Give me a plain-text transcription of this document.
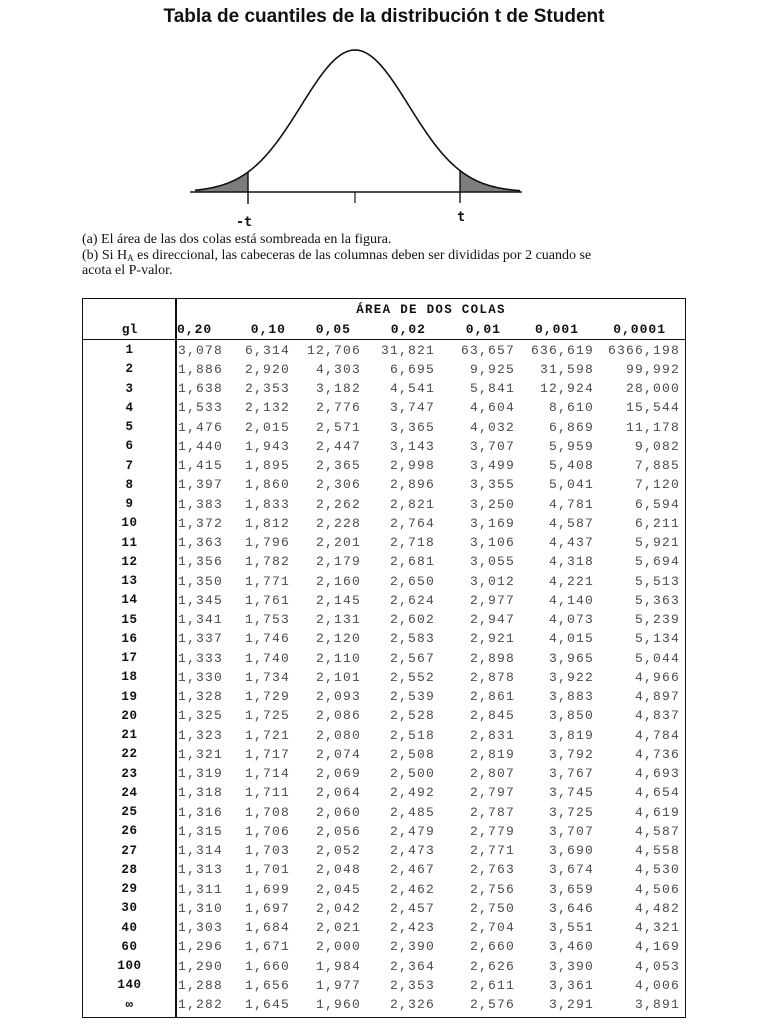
Tabla de cuantiles de la distribución t de Student
-t	t
(a) El área de las dos colas está sombreada en la figura.
(b) Si $H_A$ es direccional, las cabeceras de las columnas deben ser divididas por 2 cuando se
acota el P-valor.
ÁREA DE DOS COLAS
gl	0,20	0,10	0,05	0,02	0,01	0,001	0,0001
1	3,078	6,314	12,706	31,821	63,657	636,619	6366,198
2	1,886	2,920	4,303	6,695	9,925	31,598	99,992
3	1,638	2,353	3,182	4,541	5,841	12,924	28,000
4	1,533	2,132	2,776	3,747	4,604	8,610	15,544
5	1,476	2,015	2,571	3,365	4,032	6,869	11,178
6	1,440	1,943	2,447	3,143	3,707	5,959	9,082
7	1,415	1,895	2,365	2,998	3,499	5,408	7,885
8	1,397	1,860	2,306	2,896	3,355	5,041	7,120
9	1,383	1,833	2,262	2,821	3,250	4,781	6,594
10	1,372	1,812	2,228	2,764	3,169	4,587	6,211
11	1,363	1,796	2,201	2,718	3,106	4,437	5,921
12	1,356	1,782	2,179	2,681	3,055	4,318	5,694
13	1,350	1,771	2,160	2,650	3,012	4,221	5,513
14	1,345	1,761	2,145	2,624	2,977	4,140	5,363
15	1,341	1,753	2,131	2,602	2,947	4,073	5,239
16	1,337	1,746	2,120	2,583	2,921	4,015	5,134
17	1,333	1,740	2,110	2,567	2,898	3,965	5,044
18	1,330	1,734	2,101	2,552	2,878	3,922	4,966
19	1,328	1,729	2,093	2,539	2,861	3,883	4,897
20	1,325	1,725	2,086	2,528	2,845	3,850	4,837
21	1,323	1,721	2,080	2,518	2,831	3,819	4,784
22	1,321	1,717	2,074	2,508	2,819	3,792	4,736
23	1,319	1,714	2,069	2,500	2,807	3,767	4,693
24	1,318	1,711	2,064	2,492	2,797	3,745	4,654
25	1,316	1,708	2,060	2,485	2,787	3,725	4,619
26	1,315	1,706	2,056	2,479	2,779	3,707	4,587
27	1,314	1,703	2,052	2,473	2,771	3,690	4,558
28	1,313	1,701	2,048	2,467	2,763	3,674	4,530
29	1,311	1,699	2,045	2,462	2,756	3,659	4,506
30	1,310	1,697	2,042	2,457	2,750	3,646	4,482
40	1,303	1,684	2,021	2,423	2,704	3,551	4,321
60	1,296	1,671	2,000	2,390	2,660	3,460	4,169
100	1,290	1,660	1,984	2,364	2,626	3,390	4,053
140	1,288	1,656	1,977	2,353	2,611	3,361	4,006
∞	1,282	1,645	1,960	2,326	2,576	3,291	3,891
